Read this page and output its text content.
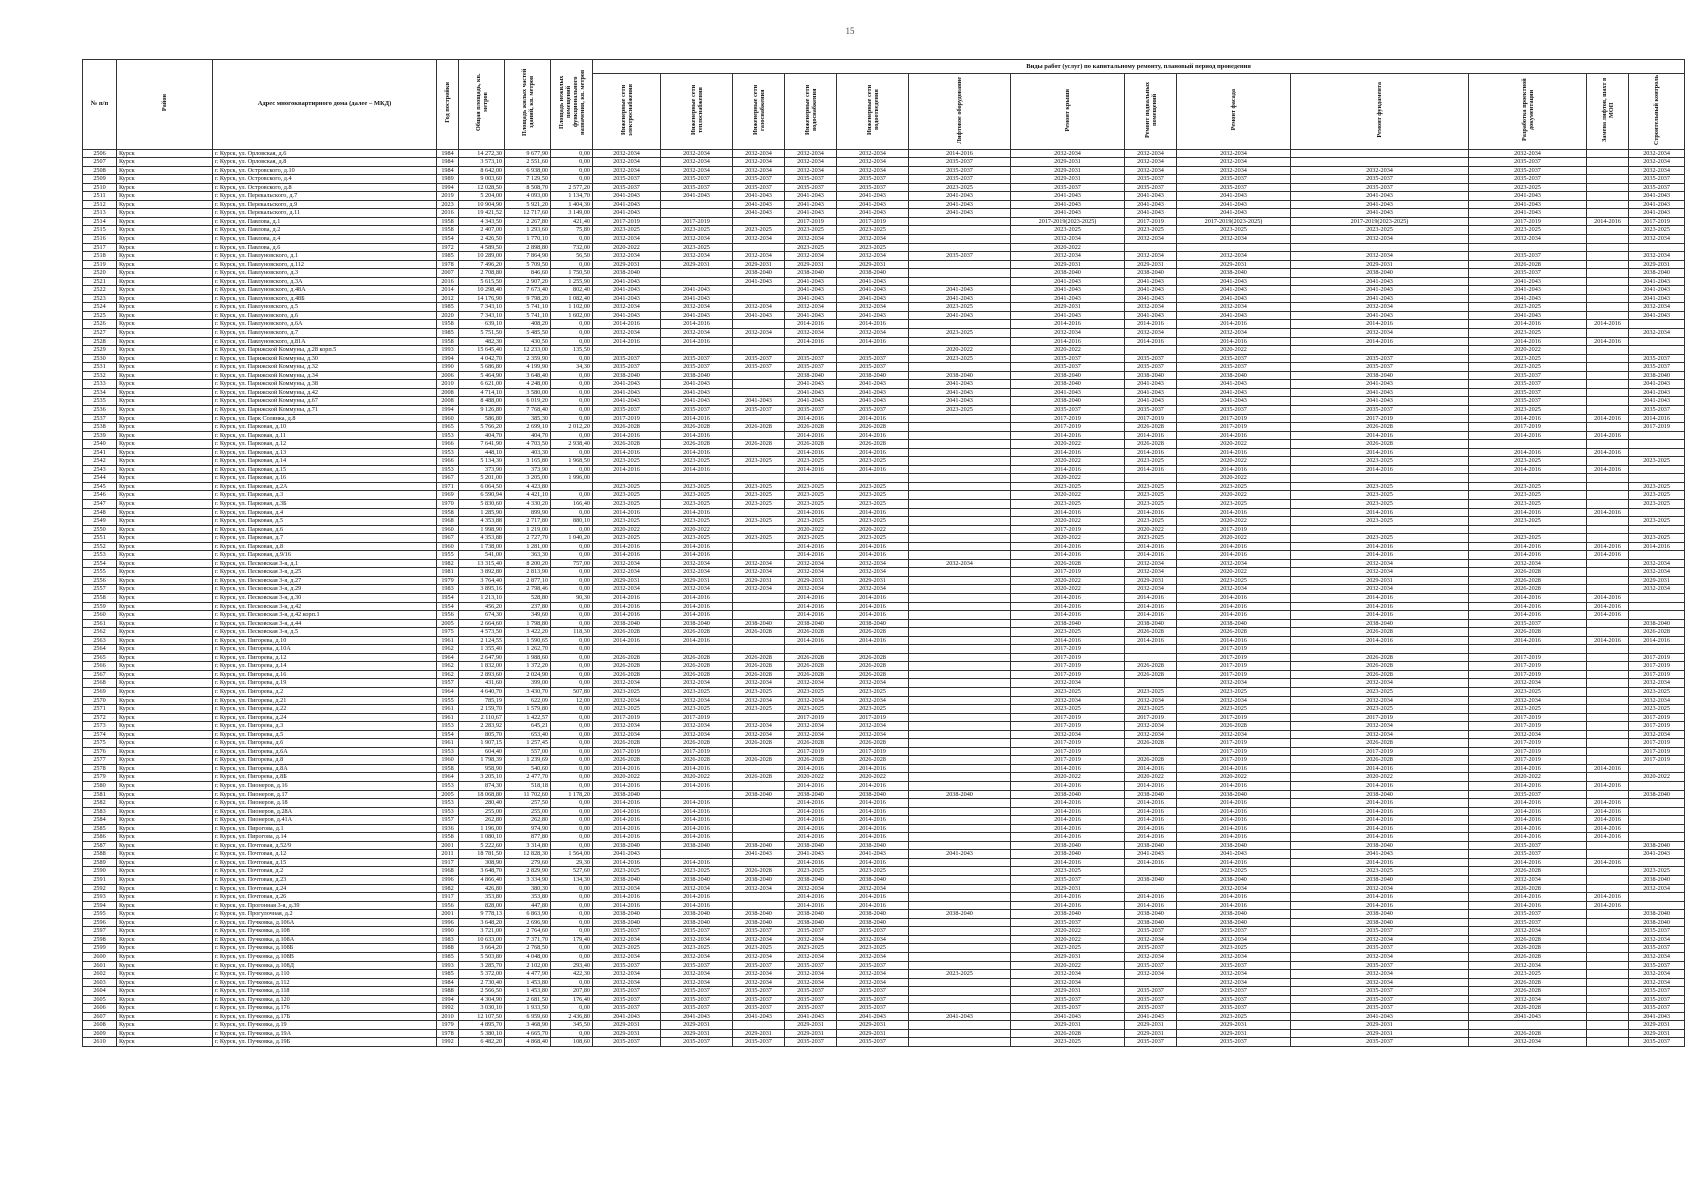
15
№ п/п	Район	Адрес многоквартирного дома (далее – МКД)	Год постройки	Общая площадь, кв. метров	Площадь жилых частей зданий, кв. метров	Площадь нежилых помещений функционального назначения, кв. метров	Виды работ (услуг) по капитальному ремонту, плановый период проведения												
							Инженерные сети электроснабжения	Инженерные сети теплоснабжения	Инженерные сети газоснабжения	Инженерные сети водоснабжения	Инженерные сети водоотведения	Лифтовое оборудование	Ремонт крыши	Ремонт подвальных помещений	Ремонт фасада	Ремонт фундамента	Разработка проектной документации	Замена лифтов, шахт в МОП	Строительный контроль
2506	Курск	г. Курск, ул. Орловская, д.6	1984	14 272,30	9 677,90	0,00	2032-2034	2032-2034	2032-2034	2032-2034	2032-2034	2014-2016	2032-2034	2032-2034	2032-2034		2032-2034		2032-2034
2507	Курск	г. Курск, ул. Орловская, д.8	1984	3 573,10	2 551,60	0,00	2032-2034	2032-2034	2032-2034	2032-2034	2032-2034	2035-2037	2029-2031	2032-2034	2032-2034		2035-2037		2032-2034
2508	Курск	г. Курск, ул. Островского, д.10	1984	8 642,00	6 938,00	0,00	2032-2034	2032-2034	2032-2034	2032-2034	2032-2034	2035-2037	2029-2031	2032-2034	2032-2034	2032-2034	2035-2037		2032-2034
2509	Курск	г. Курск, ул. Островского, д.4	1989	9 003,60	7 129,50	0,00	2035-2037	2035-2037	2035-2037	2035-2037	2035-2037	2035-2037	2029-2031	2035-2037	2035-2037	2035-2037	2035-2037		2035-2037
2510	Курск	г. Курск, ул. Островского, д.8	1994	12 028,50	8 508,70	2 577,20	2035-2037	2035-2037	2035-2037	2035-2037	2035-2037	2023-2025	2035-2037	2035-2037	2035-2037	2035-2037	2023-2025		2035-2037
2511	Курск	г. Курск, ул. Перекальского, д.7	2019	5 204,00	4 093,00	1 134,70	2041-2043	2041-2043	2041-2043	2041-2043	2041-2043	2041-2043	2041-2043	2041-2043	2041-2043	2041-2043	2041-2043		2041-2043
2512	Курск	г. Курск, ул. Перекальского, д.9	2023	10 904,90	5 921,20	1 404,30	2041-2043		2041-2043	2041-2043	2041-2043	2041-2043	2041-2043	2041-2043	2041-2043	2041-2043	2041-2043		2041-2043
2513	Курск	г. Курск, ул. Перекальского, д.11	2016	19 421,52	12 717,60	3 149,00	2041-2043		2041-2043	2041-2043	2041-2043	2041-2043	2041-2043	2041-2043	2041-2043	2041-2043	2041-2043		2041-2043
2514	Курск	г. Курск, ул. Павлова, д.1	1958	4 343,50	2 267,80	421,40	2017-2019	2017-2019		2017-2019	2017-2019		2017-2019(2023-2025)	2017-2019	2017-2019(2023-2025)	2017-2019(2023-2025)	2017-2019	2014-2016	2017-2019
2515	Курск	г. Курск, ул. Павлова, д.2	1958	2 407,00	1 293,60	75,80	2023-2025	2023-2025	2023-2025	2023-2025	2023-2025		2023-2025	2023-2025	2023-2025	2023-2025	2023-2025		2023-2025
2516	Курск	г. Курск, ул. Павлова, д.4	1954	2 426,50	1 770,10	0,00	2032-2034	2032-2034	2032-2034	2032-2034	2032-2034		2032-2034	2032-2034	2032-2034	2032-2034	2032-2034		2032-2034
2517	Курск	г. Курск, ул. Павлова, д.6	1972	4 589,50	2 898,80	732,00	2020-2022	2023-2025		2023-2025	2023-2025		2020-2022						
2518	Курск	г. Курск, ул. Павлуновского, д.1	1985	10 289,00	7 864,90	56,50	2032-2034	2032-2034	2032-2034	2032-2034	2032-2034	2035-2037	2032-2034	2032-2034	2032-2034	2032-2034	2035-2037		2032-2034
2519	Курск	г. Курск, ул. Павлуновского, д.112	1978	7 496,20	5 709,50	0,00	2029-2031	2029-2031	2029-2031	2029-2031	2029-2031		2029-2031	2029-2031	2029-2031	2029-2031	2026-2028		2029-2031
2520	Курск	г. Курск, ул. Павлуновского, д.3	2007	2 708,80	846,60	1 750,50	2038-2040		2038-2040	2038-2040	2038-2040		2038-2040	2038-2040	2038-2040	2038-2040	2035-2037		2038-2040
2521	Курск	г. Курск, ул. Павлуновского, д.3А	2016	5 615,50	2 907,20	1 255,90	2041-2043		2041-2043	2041-2043	2041-2043		2041-2043	2041-2043	2041-2043	2041-2043	2041-2043		2041-2043
2522	Курск	г. Курск, ул. Павлуновского, д.48А	2014	10 298,40	7 673,40	802,40	2041-2043	2041-2043		2041-2043	2041-2043	2041-2043	2041-2043	2041-2043	2041-2043	2041-2043	2041-2043		2041-2043
2523	Курск	г. Курск, ул. Павлуновского, д.48Б	2012	14 176,90	9 798,20	1 082,40	2041-2043	2041-2043		2041-2043	2041-2043	2041-2043	2041-2043	2041-2043	2041-2043	2041-2043	2041-2043		2041-2043
2524	Курск	г. Курск, ул. Павлуновского, д.5	1985	7 343,10	5 741,10	1 102,00	2032-2034	2032-2034	2032-2034	2032-2034	2032-2034	2023-2025	2029-2031	2032-2034	2032-2034	2032-2034	2023-2025		2032-2034
2525	Курск	г. Курск, ул. Павлуновского, д.6	2020	7 343,10	5 741,10	1 602,00	2041-2043	2041-2043	2041-2043	2041-2043	2041-2043	2041-2043	2041-2043	2041-2043	2041-2043	2041-2043	2041-2043		2041-2043
2526	Курск	г. Курск, ул. Павлуновского, д.6А	1958	639,10	408,20	0,00	2014-2016	2014-2016		2014-2016	2014-2016		2014-2016	2014-2016	2014-2016	2014-2016	2014-2016	2014-2016	
2527	Курск	г. Курск, ул. Павлуновского, д.7	1985	5 751,50	5 485,50	0,00	2032-2034	2032-2034	2032-2034	2032-2034	2032-2034	2023-2025	2032-2034	2032-2034	2032-2034	2032-2034	2023-2025		2032-2034
2528	Курск	г. Курск, ул. Павлуновского, д.81А	1958	482,30	430,50	0,00	2014-2016	2014-2016		2014-2016	2014-2016		2014-2016	2014-2016	2014-2016	2014-2016	2014-2016	2014-2016	
2529	Курск	г. Курск, ул. Парижской Коммуны, д.28 корп.5	1993	15 645,40	12 233,00	135,50						2020-2022	2020-2022		2020-2022		2020-2022		
2530	Курск	г. Курск, ул. Парижской Коммуны, д.30	1994	4 042,70	2 359,90	0,00	2035-2037	2035-2037	2035-2037	2035-2037	2035-2037	2023-2025	2035-2037	2035-2037	2035-2037	2035-2037	2023-2025		2035-2037
2531	Курск	г. Курск, ул. Парижской Коммуны, д.32	1990	5 686,80	4 199,90	34,30	2035-2037	2035-2037	2035-2037	2035-2037	2035-2037		2035-2037	2035-2037	2035-2037	2035-2037	2023-2025		2035-2037
2532	Курск	г. Курск, ул. Парижской Коммуны, д.34	2006	5 464,90	3 648,40	0,00	2038-2040	2038-2040		2038-2040	2038-2040	2038-2040	2038-2040	2038-2040	2038-2040	2038-2040	2035-2037		2038-2040
2533	Курск	г. Курск, ул. Парижской Коммуны, д.38	2010	6 621,00	4 248,00	0,00	2041-2043	2041-2043		2041-2043	2041-2043	2041-2043	2038-2040	2041-2043	2041-2043	2041-2043	2035-2037		2041-2043
2534	Курск	г. Курск, ул. Парижской Коммуны, д.42	2008	4 714,10	3 580,00	0,00	2041-2043	2041-2043		2041-2043	2041-2043	2041-2043	2041-2043	2041-2043	2041-2043	2041-2043	2035-2037		2041-2043
2535	Курск	г. Курск, ул. Парижской Коммуны, д.67	2008	8 488,00	6 019,20	0,00	2041-2043	2041-2043	2041-2043	2041-2043	2041-2043	2041-2043	2038-2040	2041-2043	2041-2043	2041-2043	2035-2037		2041-2043
2536	Курск	г. Курск, ул. Парижской Коммуны, д.71	1994	9 126,80	7 768,40	0,00	2035-2037	2035-2037	2035-2037	2035-2037	2035-2037	2023-2025	2035-2037	2035-2037	2035-2037	2035-2037	2023-2025		2035-2037
2537	Курск	г. Курск, ул. Парк Солянка, д.8	1960	586,80	385,30	0,00	2017-2019	2014-2016		2014-2016	2014-2016		2017-2019	2017-2019	2017-2019	2017-2019	2014-2016	2014-2016	2014-2016
2538	Курск	г. Курск, ул. Парковая, д.10	1965	5 766,20	2 699,10	2 012,20	2026-2028	2026-2028	2026-2028	2026-2028	2026-2028		2017-2019	2026-2028	2017-2019	2026-2028	2017-2019		2017-2019
2539	Курск	г. Курск, ул. Парковая, д.11	1953	404,70	404,70	0,00	2014-2016	2014-2016		2014-2016	2014-2016		2014-2016	2014-2016	2014-2016	2014-2016	2014-2016	2014-2016	
2540	Курск	г. Курск, ул. Парковая, д.12	1966	7 641,90	4 703,50	2 938,40	2026-2028	2026-2028	2026-2028	2026-2028	2026-2028		2020-2022	2026-2028	2020-2022	2026-2028			
2541	Курск	г. Курск, ул. Парковая, д.13	1953	448,10	403,30	0,00	2014-2016	2014-2016		2014-2016	2014-2016		2014-2016	2014-2016	2014-2016	2014-2016	2014-2016	2014-2016	
2542	Курск	г. Курск, ул. Парковая, д.14	1966	5 134,30	3 165,80	1 968,50	2023-2025	2023-2025	2023-2025	2023-2025	2023-2025		2020-2022	2023-2025	2020-2022	2023-2025	2023-2025		2023-2025
2543	Курск	г. Курск, ул. Парковая, д.15	1953	373,90	373,90	0,00	2014-2016	2014-2016		2014-2016	2014-2016		2014-2016	2014-2016	2014-2016	2014-2016	2014-2016	2014-2016	
2544	Курск	г. Курск, ул. Парковая, д.16	1967	5 201,00	3 205,00	1 996,00							2020-2022		2020-2022				
2545	Курск	г. Курск, ул. Парковая, д.2А	1971	6 064,50	4 423,80		2023-2025	2023-2025	2023-2025	2023-2025	2023-2025		2023-2025	2023-2025	2023-2025	2023-2025	2023-2025		2023-2025
2546	Курск	г. Курск, ул. Парковая, д.3	1969	6 590,94	4 421,10	0,00	2023-2025	2023-2025	2023-2025	2023-2025	2023-2025		2020-2022	2023-2025	2020-2022	2023-2025	2023-2025		2023-2025
2547	Курск	г. Курск, ул. Парковая, д.3Б	1970	5 830,60	4 330,20	166,40	2023-2025	2023-2025	2023-2025	2023-2025	2023-2025		2023-2025	2023-2025	2023-2025	2023-2025	2023-2025		2023-2025
2548	Курск	г. Курск, ул. Парковая, д.4	1958	1 285,90	899,90	0,00	2014-2016	2014-2016		2014-2016	2014-2016		2014-2016	2014-2016	2014-2016	2014-2016	2014-2016	2014-2016	
2549	Курск	г. Курск, ул. Парковая, д.5	1968	4 353,88	2 717,80	880,10	2023-2025	2023-2025	2023-2025	2023-2025	2023-2025		2020-2022	2023-2025	2020-2022	2023-2025	2023-2025		2023-2025
2550	Курск	г. Курск, ул. Парковая, д.6	1960	1 998,90	1 219,00	0,00	2020-2022	2020-2022		2020-2022	2020-2022		2017-2019	2020-2022	2017-2019				
2551	Курск	г. Курск, ул. Парковая, д.7	1967	4 353,88	2 727,70	1 040,20	2023-2025	2023-2025	2023-2025	2023-2025	2023-2025		2020-2022	2023-2025	2020-2022	2023-2025	2023-2025		2023-2025
2552	Курск	г. Курск, ул. Парковая, д.8	1960	1 738,00	1 281,00	0,00	2014-2016	2014-2016		2014-2016	2014-2016		2014-2016	2014-2016	2014-2016	2014-2016	2014-2016	2014-2016	2014-2016
2553	Курск	г. Курск, ул. Парковая, д.9/16	1955	541,00	363,30	0,00	2014-2016	2014-2016		2014-2016	2014-2016		2014-2016	2014-2016	2014-2016	2014-2016	2014-2016	2014-2016	
2554	Курск	г. Курск, ул. Песковская 3-я, д.1	1982	13 315,40	8 200,20	757,00	2032-2034	2032-2034	2032-2034	2032-2034	2032-2034	2032-2034	2026-2028	2032-2034	2032-2034	2032-2034	2032-2034		2032-2034
2555	Курск	г. Курск, ул. Песковская 3-я, д.25	1981	3 892,80	2 813,90	0,00	2032-2034	2032-2034	2032-2034	2032-2034	2032-2034		2017-2019	2032-2034	2020-2022	2032-2034	2026-2028		2032-2034
2556	Курск	г. Курск, ул. Песковская 3-я, д.27	1979	3 764,40	2 877,10	0,00	2029-2031	2029-2031	2029-2031	2029-2031	2029-2031		2020-2022	2029-2031	2023-2025	2029-2031	2026-2028		2029-2031
2557	Курск	г. Курск, ул. Песковская 3-я, д.29	1983	3 895,16	2 798,46	0,00	2032-2034	2032-2034	2032-2034	2032-2034	2032-2034		2020-2022	2032-2034	2032-2034	2032-2034	2026-2028		2032-2034
2558	Курск	г. Курск, ул. Песковская 3-я, д.30	1954	1 213,10	528,80	90,30	2014-2016	2014-2016		2014-2016	2014-2016		2014-2016	2014-2016	2014-2016	2014-2016	2014-2016	2014-2016	
2559	Курск	г. Курск, ул. Песковская 3-я, д.42	1954	456,20	237,80	0,00	2014-2016	2014-2016		2014-2016	2014-2016		2014-2016	2014-2016	2014-2016	2014-2016	2014-2016	2014-2016	
2560	Курск	г. Курск, ул. Песковская 3-я, д.42 корп.1	1956	674,30	349,60	0,00	2014-2016	2014-2016		2014-2016	2014-2016		2014-2016	2014-2016	2014-2016	2014-2016	2014-2016	2014-2016	
2561	Курск	г. Курск, ул. Песковская 3-я, д.44	2005	2 664,60	1 798,80	0,00	2038-2040	2038-2040	2038-2040	2038-2040	2038-2040		2038-2040	2038-2040	2038-2040	2038-2040	2035-2037		2038-2040
2562	Курск	г. Курск, ул. Песковская 3-я, д.5	1975	4 573,50	3 422,20	118,30	2026-2028	2026-2028	2026-2028	2026-2028	2026-2028		2023-2025	2026-2028	2026-2028	2026-2028	2026-2028		2026-2028
2563	Курск	г. Курск, ул. Пигорева, д.10	1961	2 124,55	1 590,65	0,00	2014-2016	2014-2016		2014-2016	2014-2016		2014-2016	2014-2016	2014-2016	2014-2016	2014-2016	2014-2016	2014-2016
2564	Курск	г. Курск, ул. Пигорева, д.10А	1962	1 355,40	1 262,70	0,00							2017-2019		2017-2019				
2565	Курск	г. Курск, ул. Пигорева, д.12	1964	2 647,90	1 988,60	0,00	2026-2028	2026-2028	2026-2028	2026-2028	2026-2028		2017-2019		2017-2019	2026-2028	2017-2019		2017-2019
2566	Курск	г. Курск, ул. Пигорева, д.14	1962	1 832,00	1 372,20	0,00	2026-2028	2026-2028	2026-2028	2026-2028	2026-2028		2017-2019	2026-2028	2017-2019	2026-2028	2017-2019		2017-2019
2567	Курск	г. Курск, ул. Пигорева, д.16	1962	2 893,60	2 024,90	0,00	2026-2028	2026-2028	2026-2028	2026-2028	2026-2028		2017-2019	2026-2028	2017-2019	2026-2028	2017-2019		2017-2019
2568	Курск	г. Курск, ул. Пигорева, д.19	1957	431,60	399,00	0,00	2032-2034	2032-2034	2032-2034	2032-2034	2032-2034		2032-2034		2032-2034	2032-2034	2032-2034		2032-2034
2569	Курск	г. Курск, ул. Пигорева, д.2	1964	4 640,70	3 430,70	507,80	2023-2025	2023-2025	2023-2025	2023-2025	2023-2025		2023-2025	2023-2025	2023-2025	2023-2025	2023-2025		2023-2025
2570	Курск	г. Курск, ул. Пигорева, д.21	1955	785,19	622,09	12,00	2032-2034	2032-2034	2032-2034	2032-2034	2032-2034		2032-2034	2032-2034	2032-2034	2032-2034	2032-2034		2032-2034
2571	Курск	г. Курск, ул. Пигорева, д.22	1961	2 159,70	1 579,80	0,00	2023-2025	2023-2025	2023-2025	2023-2025	2023-2025		2023-2025	2023-2025	2023-2025	2023-2025	2023-2025		2023-2025
2572	Курск	г. Курск, ул. Пигорева, д.24	1961	2 110,67	1 422,57	0,00	2017-2019	2017-2019		2017-2019	2017-2019		2017-2019	2017-2019	2017-2019	2017-2019	2017-2019		2017-2019
2573	Курск	г. Курск, ул. Пигорева, д.3	1953	2 283,92	645,21	0,00	2032-2034	2032-2034	2032-2034	2032-2034	2032-2034		2017-2019	2032-2034	2026-2028	2032-2034	2017-2019		2017-2019
2574	Курск	г. Курск, ул. Пигорева, д.5	1954	805,70	653,40	0,00	2032-2034	2032-2034	2032-2034	2032-2034	2032-2034		2032-2034	2032-2034	2032-2034	2032-2034	2032-2034		2032-2034
2575	Курск	г. Курск, ул. Пигорева, д.6	1961	1 907,15	1 257,45	0,00	2026-2028	2026-2028	2026-2028	2026-2028	2026-2028		2017-2019	2026-2028	2017-2019	2026-2028	2017-2019		2017-2019
2576	Курск	г. Курск, ул. Пигорева, д.6А	1953	604,40	557,00	0,00	2017-2019	2017-2019		2017-2019	2017-2019		2017-2019		2017-2019	2017-2019	2017-2019		2017-2019
2577	Курск	г. Курск, ул. Пигорева, д.8	1960	1 798,39	1 239,69	0,00	2026-2028	2026-2028	2026-2028	2026-2028	2026-2028		2017-2019	2026-2028	2017-2019	2026-2028	2017-2019		2017-2019
2578	Курск	г. Курск, ул. Пигорева, д.8А	1958	958,90	540,60	0,00	2014-2016	2014-2016		2014-2016	2014-2016		2014-2016	2014-2016	2014-2016	2014-2016	2014-2016	2014-2016	
2579	Курск	г. Курск, ул. Пигорева, д.8Б	1964	3 205,10	2 477,70	0,00	2020-2022	2020-2022	2026-2028	2020-2022	2020-2022		2020-2022	2020-2022	2020-2022	2020-2022	2020-2022		2020-2022
2580	Курск	г. Курск, ул. Пионеров, д.16	1953	874,30	518,18	0,00	2014-2016	2014-2016		2014-2016	2014-2016		2014-2016	2014-2016	2014-2016	2014-2016	2014-2016	2014-2016	
2581	Курск	г. Курск, ул. Пионеров, д.17	2005	18 068,80	11 702,60	1 178,20	2038-2040		2038-2040	2038-2040	2038-2040	2038-2040	2038-2040	2038-2040	2038-2040	2038-2040	2035-2037		2038-2040
2582	Курск	г. Курск, ул. Пионеров, д.18	1953	280,40	257,50	0,00	2014-2016	2014-2016		2014-2016	2014-2016		2014-2016	2014-2016	2014-2016	2014-2016	2014-2016	2014-2016	
2583	Курск	г. Курск, ул. Пионеров, д.28А	1953	255,00	255,00	0,00	2014-2016	2014-2016		2014-2016	2014-2016		2014-2016	2014-2016	2014-2016	2014-2016	2014-2016	2014-2016	
2584	Курск	г. Курск, ул. Пионеров, д.41А	1957	262,80	262,80	0,00	2014-2016	2014-2016		2014-2016	2014-2016		2014-2016	2014-2016	2014-2016	2014-2016	2014-2016	2014-2016	
2585	Курск	г. Курск, ул. Пирогова, д.1	1936	1 196,00	974,90	0,00	2014-2016	2014-2016		2014-2016	2014-2016		2014-2016	2014-2016	2014-2016	2014-2016	2014-2016	2014-2016	
2586	Курск	г. Курск, ул. Пирогова, д.14	1958	1 080,10	877,80	0,00	2014-2016	2014-2016		2014-2016	2014-2016		2014-2016	2014-2016	2014-2016	2014-2016	2014-2016	2014-2016	
2587	Курск	г. Курск, ул. Почтовая, д.52/9	2001	5 222,60	3 314,80	0,00	2038-2040	2038-2040	2038-2040	2038-2040	2038-2040		2038-2040	2038-2040	2038-2040	2038-2040	2035-2037		2038-2040
2588	Курск	г. Курск, ул. Почтовая, д.12	2011	18 781,50	12 828,30	1 564,00	2041-2043		2041-2043	2041-2043	2041-2043	2041-2043	2038-2040	2041-2043	2041-2043	2041-2043	2035-2037		2041-2043
2589	Курск	г. Курск, ул. Почтовая, д.15	1917	308,90	279,60	29,30	2014-2016	2014-2016		2014-2016	2014-2016		2014-2016	2014-2016	2014-2016	2014-2016	2014-2016	2014-2016	
2590	Курск	г. Курск, ул. Почтовая, д.2	1968	3 648,70	2 829,90	527,60	2023-2025	2023-2025	2026-2028	2023-2025	2023-2025		2023-2025		2023-2025	2023-2025	2026-2028		2023-2025
2591	Курск	г. Курск, ул. Почтовая, д.23	1996	4 866,40	3 334,90	134,30	2038-2040	2038-2040	2038-2040	2038-2040	2038-2040		2035-2037	2038-2040	2038-2040	2038-2040	2032-2034		2038-2040
2592	Курск	г. Курск, ул. Почтовая, д.24	1982	426,80	380,30	0,00	2032-2034	2032-2034	2032-2034	2032-2034	2032-2034		2029-2031		2032-2034	2032-2034	2026-2028		2032-2034
2593	Курск	г. Курск, ул. Почтовая, д.26	1917	353,80	353,80	0,00	2014-2016	2014-2016		2014-2016	2014-2016		2014-2016	2014-2016	2014-2016	2014-2016	2014-2016	2014-2016	
2594	Курск	г. Курск, ул. Прогонная 3-я, д.39	1956	828,00	447,80	0,00	2014-2016	2014-2016		2014-2016	2014-2016		2014-2016	2014-2016	2014-2016	2014-2016	2014-2016	2014-2016	
2595	Курск	г. Курск, ул. Прогулочная, д.2	2001	9 778,13	6 863,90	0,00	2038-2040	2038-2040	2038-2040	2038-2040	2038-2040	2038-2040	2038-2040	2038-2040	2038-2040	2038-2040	2035-2037		2038-2040
2596	Курск	г. Курск, ул. Пучковка, д.106А	1996	3 648,20	2 696,90	0,00	2038-2040	2038-2040	2038-2040	2038-2040	2038-2040		2035-2037	2038-2040	2038-2040	2038-2040	2035-2037		2038-2040
2597	Курск	г. Курск, ул. Пучковка, д.108	1990	3 721,00	2 764,60	0,00	2035-2037	2035-2037	2035-2037	2035-2037	2035-2037		2020-2022	2035-2037	2035-2037	2035-2037	2032-2034		2035-2037
2598	Курск	г. Курск, ул. Пучковка, д.108А	1983	10 633,00	7 371,70	179,40	2032-2034	2032-2034	2032-2034	2032-2034	2032-2034		2020-2022	2032-2034	2032-2034	2032-2034	2026-2028		2032-2034
2599	Курск	г. Курск, ул. Пучковка, д.108Б	1988	3 664,20	2 768,50	0,00	2023-2025	2023-2025	2023-2025	2023-2025	2023-2025		2023-2025	2035-2037	2023-2025	2035-2037	2026-2028		2035-2037
2600	Курск	г. Курск, ул. Пучковка, д.108В	1985	5 503,80	4 048,00	0,00	2032-2034	2032-2034	2032-2034	2032-2034	2032-2034		2029-2031	2032-2034	2032-2034	2032-2034	2026-2028		2032-2034
2601	Курск	г. Курск, ул. Пучковка, д.108Д	1993	3 285,70	2 102,00	293,40	2035-2037	2035-2037	2035-2037	2035-2037	2035-2037		2020-2022	2035-2037	2035-2037	2035-2037	2032-2034		2035-2037
2602	Курск	г. Курск, ул. Пучковка, д.110	1985	5 372,00	4 477,90	422,30	2032-2034	2032-2034	2032-2034	2032-2034	2032-2034	2023-2025	2032-2034	2032-2034	2032-2034	2032-2034	2023-2025		2032-2034
2603	Курск	г. Курск, ул. Пучковка, д.112	1984	2 730,40	1 453,80	0,00	2032-2034	2032-2034	2032-2034	2032-2034	2032-2034		2032-2034		2032-2034	2032-2034	2026-2028		2032-2034
2604	Курск	г. Курск, ул. Пучковка, д.118	1988	2 566,50	1 453,80	207,80	2035-2037	2035-2037	2035-2037	2035-2037	2035-2037		2029-2031	2035-2037	2035-2037	2035-2037	2026-2028		2035-2037
2605	Курск	г. Курск, ул. Пучковка, д.120	1994	4 304,90	2 681,50	176,40	2035-2037	2035-2037	2035-2037	2035-2037	2035-2037		2035-2037	2035-2037	2035-2037	2035-2037	2032-2034		2035-2037
2606	Курск	г. Курск, ул. Пучковка, д.176	1992	3 030,10	1 933,50	0,00	2035-2037	2035-2037	2035-2037	2035-2037	2035-2037		2035-2037	2035-2037	2035-2037	2035-2037	2026-2028		2035-2037
2607	Курск	г. Курск, ул. Пучковка, д.17Б	2010	12 107,50	6 959,60	2 436,80	2041-2043	2041-2043	2041-2043	2041-2043	2041-2043	2041-2043	2041-2043	2041-2043	2023-2025	2041-2043	2041-2043		2041-2043
2608	Курск	г. Курск, ул. Пучковка, д.19	1979	4 895,70	3 468,90	345,50	2029-2031	2029-2031		2029-2031	2029-2031		2029-2031	2029-2031	2029-2031	2029-2031			2029-2031
2609	Курск	г. Курск, ул. Пучковка, д.19А	1978	5 380,10	4 665,70	0,00	2029-2031	2029-2031	2029-2031	2029-2031	2029-2031		2026-2028	2029-2031	2029-2031	2029-2031	2026-2028		2029-2031
2610	Курск	г. Курск, ул. Пучковка, д.19Б	1992	6 482,20	4 868,40	108,60	2035-2037	2035-2037	2035-2037	2035-2037	2035-2037		2023-2025	2035-2037	2035-2037	2035-2037	2032-2034		2035-2037
